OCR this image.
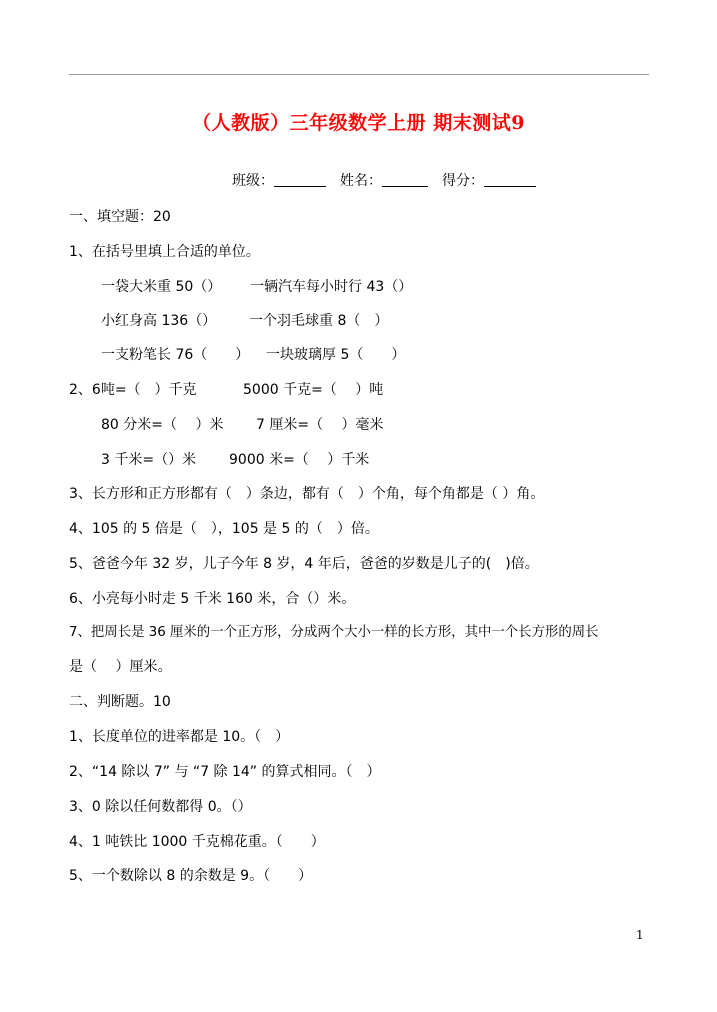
（人教版）三年级数学上册 期末测试9
班级：	姓名：	得分：
一、填空题：20
1、在括号里填上合适的单位。
一袋大米重 50（） 一辆汽车每小时行 43（）
小红身高 136（） 一个羽毛球重 8（　）
一支粉笔长 76（　　） 一块玻璃厚 5（　　）
2、6吨=（　）千克	5000 千克=（　 ）吨
80 分米=（　 ）米 7 厘米=（　 ）毫米
3 千米=（）米 9000 米=（　 ）千米
3、长方形和正方形都有（　）条边，都有（　）个角，每个角都是（ ）角。
4、105 的 5 倍是（　），105 是 5 的（　）倍。
5、爸爸今年 32 岁，儿子今年 8 岁，4 年后，爸爸的岁数是儿子的(　)倍。
6、小亮每小时走 5 千米 160 米，合（）米。
7、把周长是 36 厘米的一个正方形，分成两个大小一样的长方形，其中一个长方形的周长
是（　 ）厘米。
二、判断题。10
1、长度单位的进率都是 10。（　）
2、“14 除以 7” 与 “7 除 14” 的算式相同。（　）
3、0 除以任何数都得 0。（）
4、1 吨铁比 1000 千克棉花重。（　　）
5、一个数除以 8 的余数是 9。（　　）
1
